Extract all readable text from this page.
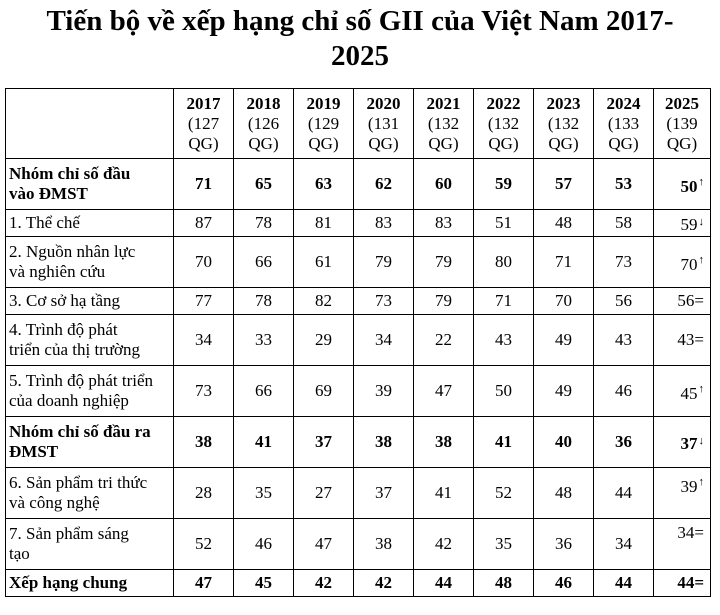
Tiến bộ về xếp hạng chỉ số GII của Việt Nam 2017-
2025

	2017
(127
QG)	2018
(126
QG)	2019
(129
QG)	2020
(131
QG)	2021
(132
QG)	2022
(132
QG)	2023
(132
QG)	2024
(133
QG)	2025
(139
QG)

Nhóm chỉ số đầu
vào ĐMST	71	65	63	62	60	59	57	53	50↑

1. Thể chế	87	78	81	83	83	51	48	58	59↓

2. Nguồn nhân lực
và nghiên cứu	70	66	61	79	79	80	71	73	70↑

3. Cơ sở hạ tầng	77	78	82	73	79	71	70	56	56=

4. Trình độ phát
triển của thị trường	34	33	29	34	22	43	49	43	43=

5. Trình độ phát triển
của doanh nghiệp	73	66	69	39	47	50	49	46	45↑

Nhóm chỉ số đầu ra
ĐMST	38	41	37	38	38	41	40	36	37↓

6. Sản phẩm tri thức
và công nghệ	28	35	27	37	41	52	48	44	39↑

7. Sản phẩm sáng
tạo	52	46	47	38	42	35	36	34	34=

Xếp hạng chung	47	45	42	42	44	48	46	44	44=
